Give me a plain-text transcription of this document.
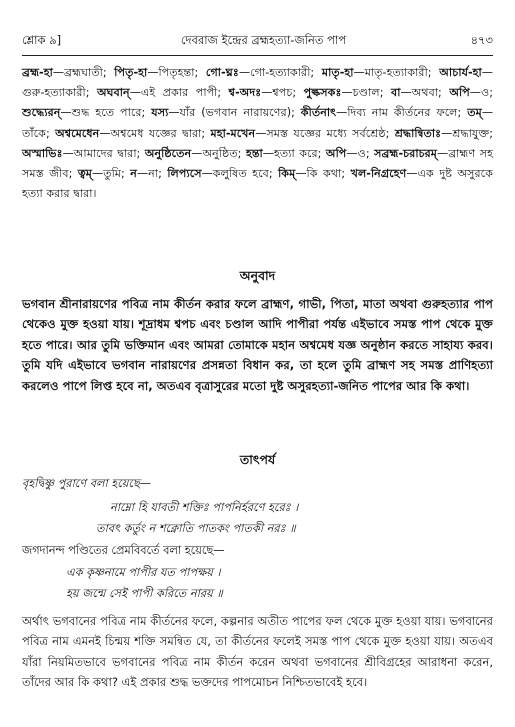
শ্লোক ৯]	দেবরাজ ইন্দ্রের ব্রহ্মহত্যা-জনিত পাপ	৪৭৩
ব্রহ্ম-হা—ব্রহ্মঘাতী; পিতৃ-হা—পিতৃহন্তা; গো-ঘ্নঃ—গো-হত্যাকারী; মাতৃ-হা—মাতৃ-হত্যাকারী; আচার্য-হা—গুরু-হত্যাকারী; অঘবান্—এই প্রকার পাপী; শ্ব-অদঃ—শ্বপচ; পুল্কসকঃ—চণ্ডাল; বা—অথবা; অপি—ও; শুদ্ধ্যেরন্—শুদ্ধ হতে পারে; যস্য—যাঁর (ভগবান নারায়ণের); কীর্তনাৎ—দিব্য নাম কীর্তনের ফলে; তম্—তাঁকে; অশ্বমেধেন—অশ্বমেধ যজ্ঞের দ্বারা; মহা-মখেন—সমস্ত যজ্ঞের মধ্যে সর্বশ্রেষ্ঠ; শ্রদ্ধান্বিতাঃ—শ্রদ্ধাযুক্ত; অস্মাভিঃ—আমাদের দ্বারা; অনুষ্ঠিতেন—অনুষ্ঠিত; হন্তা—হত্যা করে; অপি—ও; সব্রহ্ম-চরাচরম্—ব্রাহ্মণ সহ সমস্ত জীব; ত্বম্—তুমি; ন—না; লিপ্যসে—কলুষিত হবে; কিম্—কি কথা; খল-নিগ্রহেণ—এক দুষ্ট অসুরকে হত্যা করার দ্বারা।
অনুবাদ
ভগবান শ্রীনারায়ণের পবিত্র নাম কীর্তন করার ফলে ব্রাহ্মণ, গাভী, পিতা, মাতা অথবা গুরুহত্যার পাপ থেকেও মুক্ত হওয়া যায়। শূদ্রাধম শ্বপচ এবং চণ্ডাল আদি পাপীরা পর্যন্ত এইভাবে সমস্ত পাপ থেকে মুক্ত হতে পারে। আর তুমি ভক্তিমান এবং আমরা তোমাকে মহান অশ্বমেধ যজ্ঞ অনুষ্ঠান করতে সাহায্য করব। তুমি যদি এইভাবে ভগবান নারায়ণের প্রসন্নতা বিধান কর, তা হলে তুমি ব্রাহ্মণ সহ সমস্ত প্রাণিহত্যা করলেও পাপে লিপ্ত হবে না, অতএব বৃত্রাসুরের মতো দুষ্ট অসুরহত্যা-জনিত পাপের আর কি কথা।
তাৎপর্য
বৃহদ্বিষ্ণু পুরাণে বলা হয়েছে—
নাম্নো হি যাবতী শক্তিঃ পাপনির্হরণে হরেঃ ।
তাবৎ কর্তুং ন শক্নোতি পাতকং পাতকী নরঃ ॥
জগদানন্দ পণ্ডিতের প্রেমবিবর্তে বলা হয়েছে—
এক কৃষ্ণনামে পাপীর যত পাপক্ষয় ।
হয় জন্মে সেই পাপী করিতে নারয় ॥
অর্থাৎ ভগবানের পবিত্র নাম কীর্তনের ফলে, কল্পনার অতীত পাপের ফল থেকে মুক্ত হওয়া যায়। ভগবানের পবিত্র নাম এমনই চিন্ময় শক্তি সমন্বিত যে, তা কীর্তনের ফলেই সমস্ত পাপ থেকে মুক্ত হওয়া যায়। অতএব যাঁরা নিয়মিতভাবে ভগবানের পবিত্র নাম কীর্তন করেন অথবা ভগবানের শ্রীবিগ্রহের আরাধনা করেন, তাঁদের আর কি কথা? এই প্রকার শুদ্ধ ভক্তদের পাপমোচন নিশ্চিতভাবেই হবে।
